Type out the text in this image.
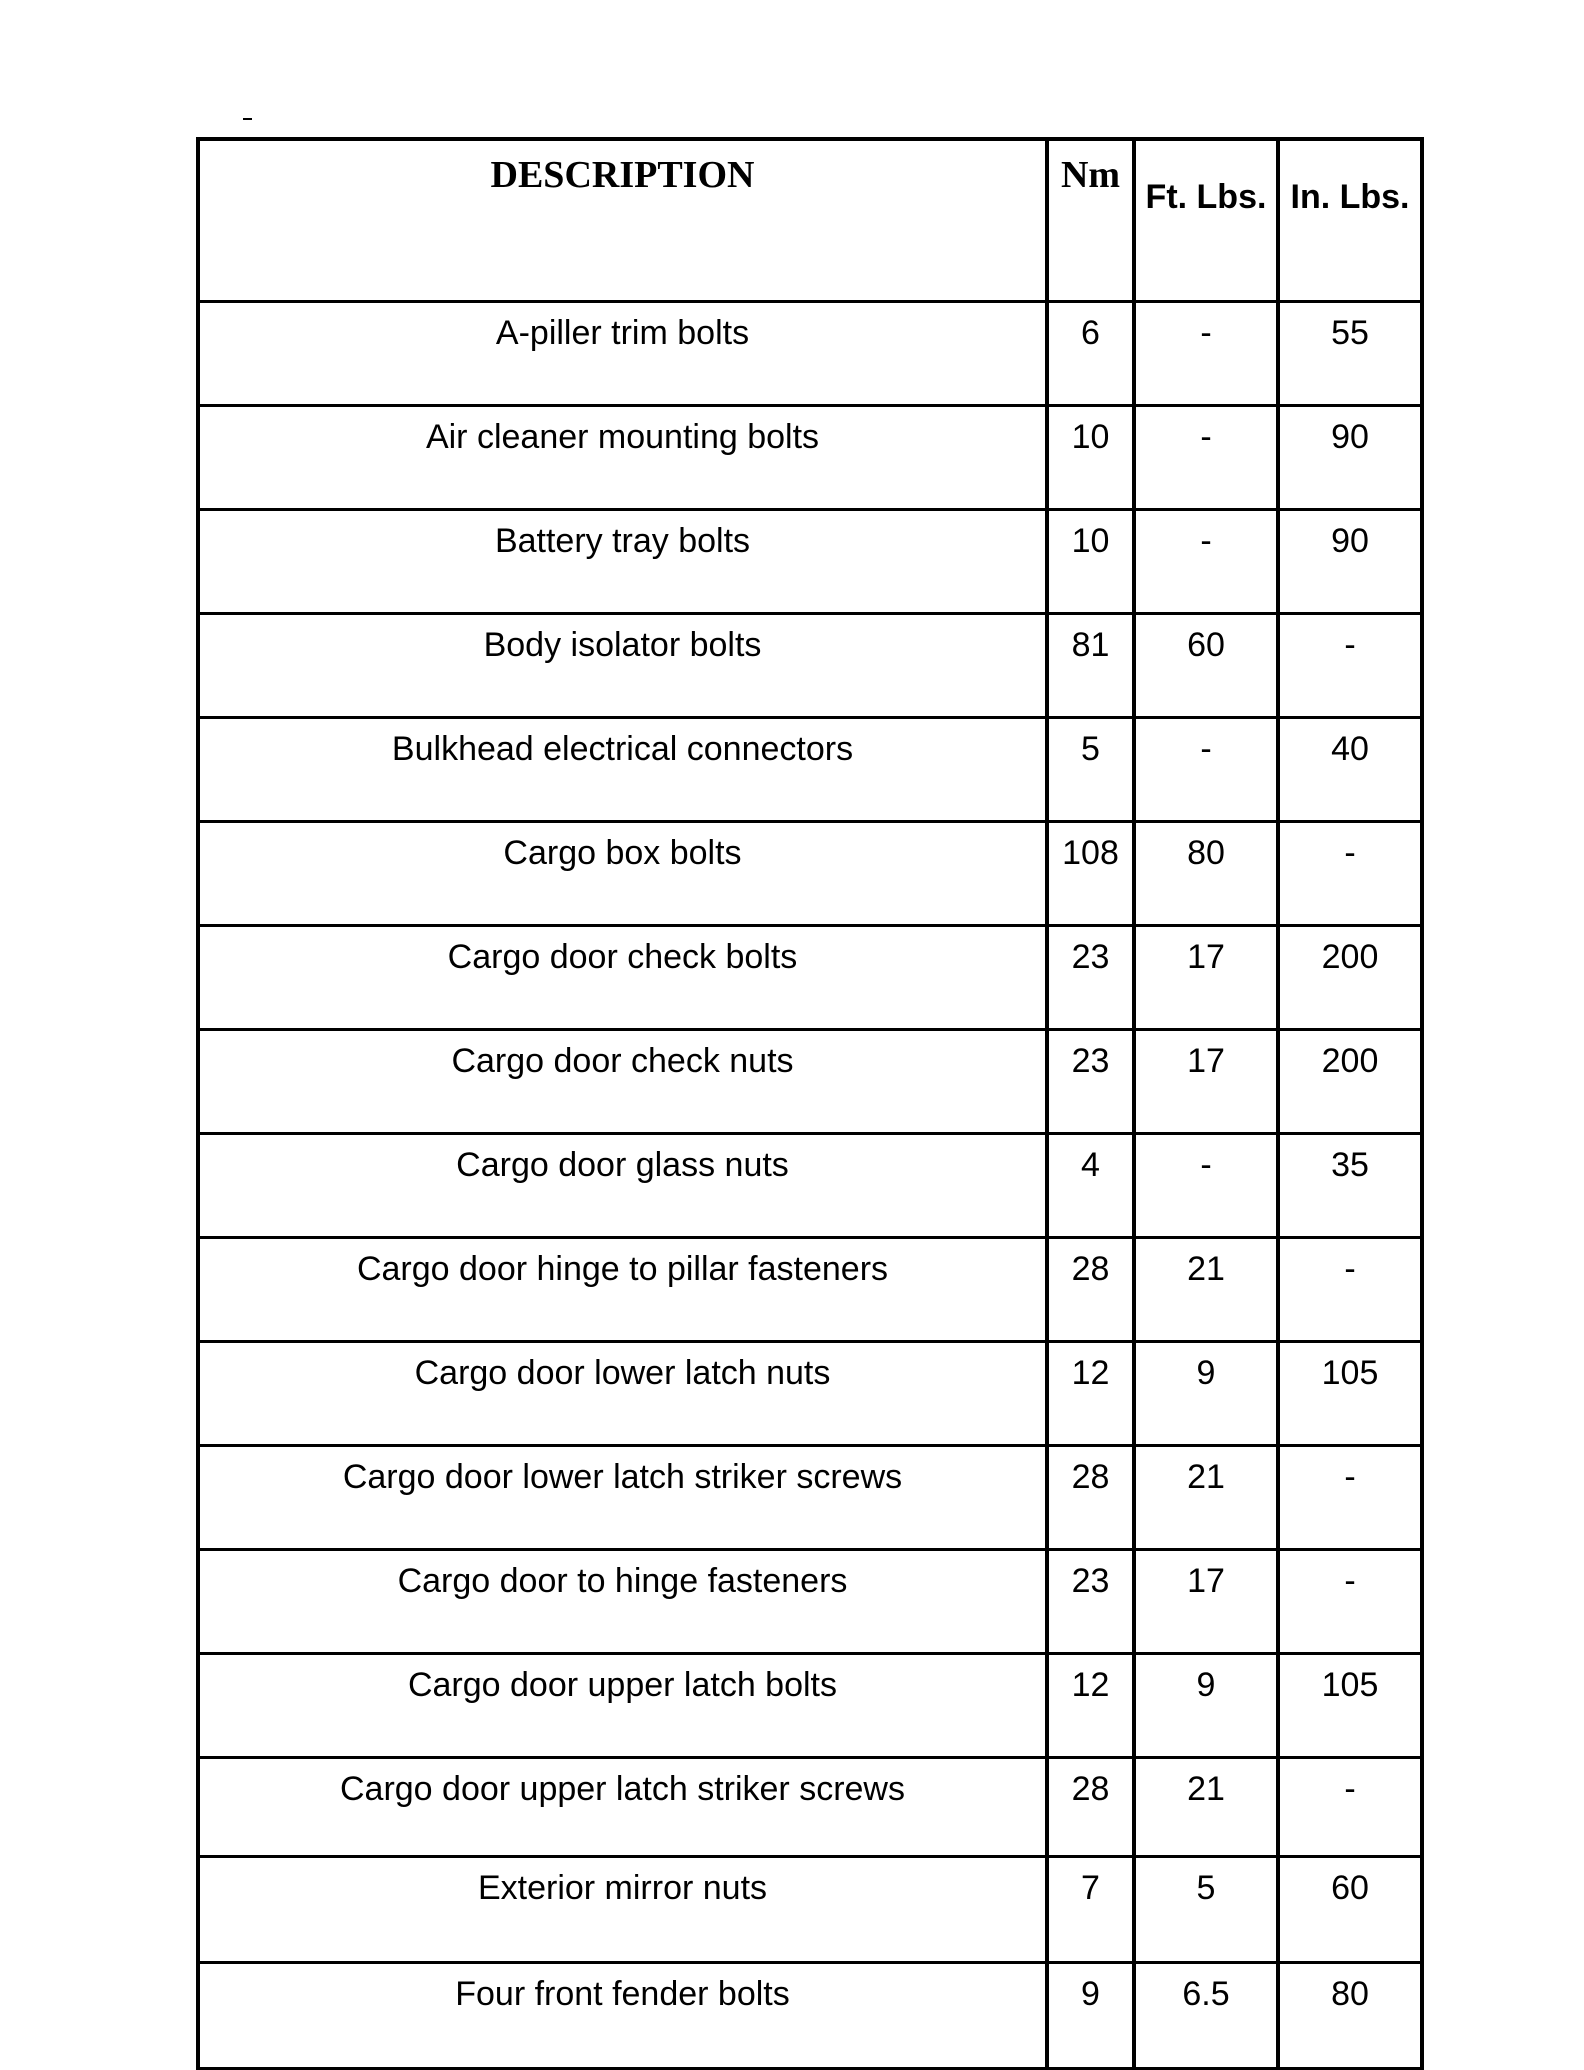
DESCRIPTION	Nm	Ft. Lbs.	In. Lbs.
A-piller trim bolts	6	-	55
Air cleaner mounting bolts	10	-	90
Battery tray bolts	10	-	90
Body isolator bolts	81	60	-
Bulkhead electrical connectors	5	-	40
Cargo box bolts	108	80	-
Cargo door check bolts	23	17	200
Cargo door check nuts	23	17	200
Cargo door glass nuts	4	-	35
Cargo door hinge to pillar fasteners	28	21	-
Cargo door lower latch nuts	12	9	105
Cargo door lower latch striker screws	28	21	-
Cargo door to hinge fasteners	23	17	-
Cargo door upper latch bolts	12	9	105
Cargo door upper latch striker screws	28	21	-
Exterior mirror nuts	7	5	60
Four front fender bolts	9	6.5	80
